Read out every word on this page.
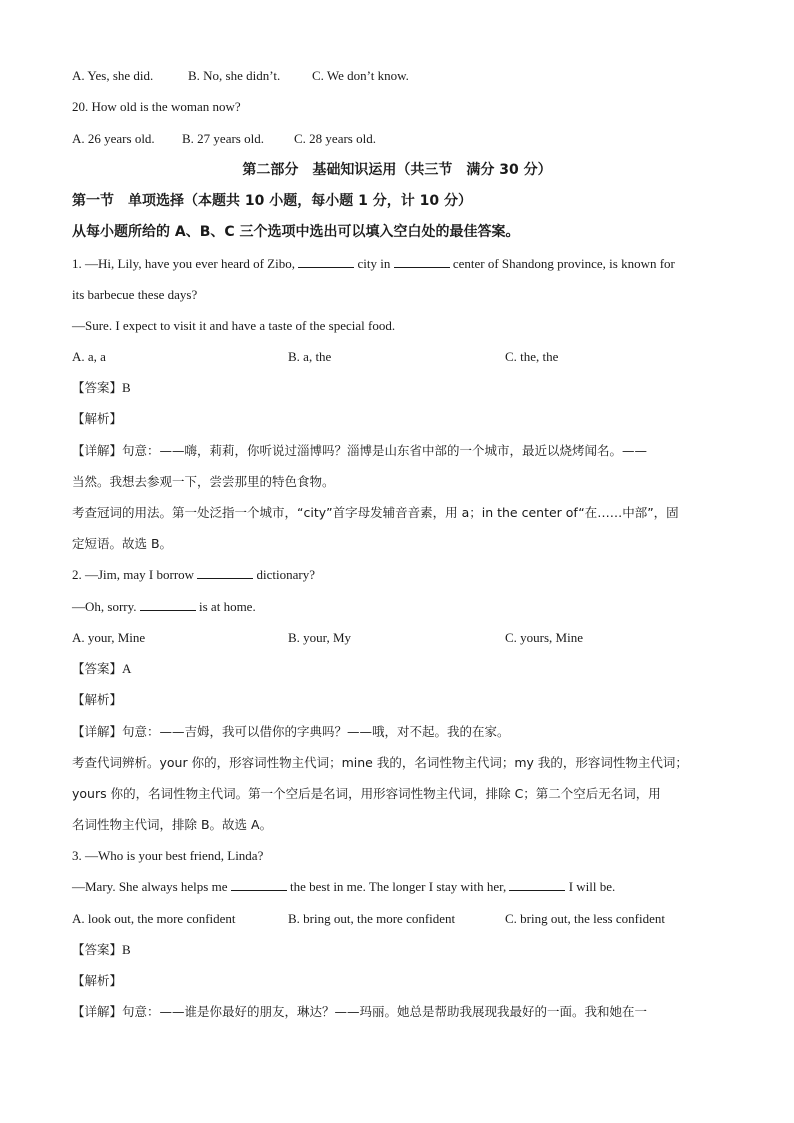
A. Yes, she did.	B. No, she didn’t. C. We don’t know.
20. How old is the woman now?
A. 26 years old. B. 27 years old. C. 28 years old.
第二部分　基础知识运用（共三节　满分 30 分）
第一节　单项选择（本题共 10 小题，每小题 1 分，计 10 分）
从每小题所给的 A、B、C 三个选项中选出可以填入空白处的最佳答案。
1. —Hi, Lily, have you ever heard of Zibo,	city in	center of Shandong province, is known for
its barbecue these days?
—Sure. I expect to visit it and have a taste of the special food.
A. a, a	B. a, the	C. the, the
【答案】B
【解析】
【详解】句意：——嗨，莉莉，你听说过淄博吗？淄博是山东省中部的一个城市，最近以烧烤闻名。——
当然。我想去参观一下，尝尝那里的特色食物。
考查冠词的用法。第一处泛指一个城市，“city”首字母发辅音音素，用 a；in the center of“在……中部”，固
定短语。故选 B。
2. —Jim, may I borrow	dictionary?
—Oh, sorry.	is at home.
A. your, Mine	B. your, My	C. yours, Mine
【答案】A
【解析】
【详解】句意：——吉姆，我可以借你的字典吗？——哦，对不起。我的在家。
考查代词辨析。your 你的，形容词性物主代词；mine 我的，名词性物主代词；my 我的，形容词性物主代词；
yours 你的，名词性物主代词。第一个空后是名词，用形容词性物主代词，排除 C；第二个空后无名词，用
名词性物主代词，排除 B。故选 A。
3. —Who is your best friend, Linda?
—Mary. She always helps me	the best in me. The longer I stay with her,	I will be.
A. look out, the more confident	B. bring out, the more confident	C. bring out, the less confident
【答案】B
【解析】
【详解】句意：——谁是你最好的朋友，琳达？——玛丽。她总是帮助我展现我最好的一面。我和她在一
